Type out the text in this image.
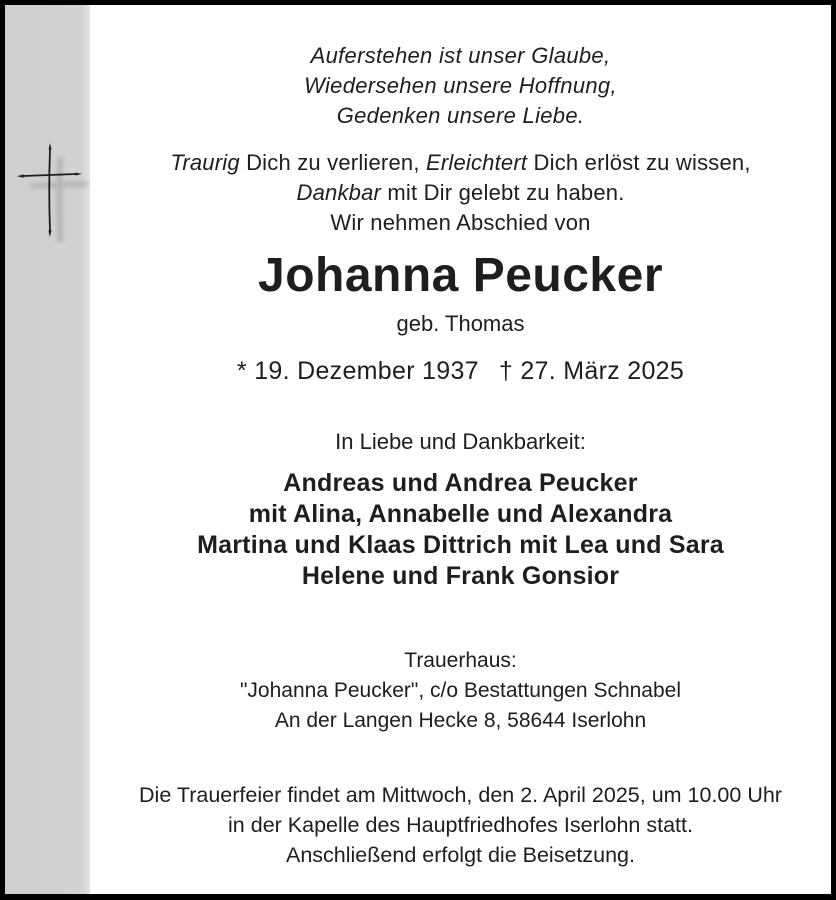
Auferstehen ist unser Glaube,
Wiedersehen unsere Hoffnung,
Gedenken unsere Liebe.
Traurig Dich zu verlieren, Erleichtert Dich erlöst zu wissen,
Dankbar mit Dir gelebt zu haben.
Wir nehmen Abschied von
Johanna Peucker
geb. Thomas
* 19. Dezember 1937 † 27. März 2025
In Liebe und Dankbarkeit:
Andreas und Andrea Peucker
mit Alina, Annabelle und Alexandra
Martina und Klaas Dittrich mit Lea und Sara
Helene und Frank Gonsior
Trauerhaus:
"Johanna Peucker", c/o Bestattungen Schnabel
An der Langen Hecke 8, 58644 Iserlohn
Die Trauerfeier findet am Mittwoch, den 2. April 2025, um 10.00 Uhr
in der Kapelle des Hauptfriedhofes Iserlohn statt.
Anschließend erfolgt die Beisetzung.
